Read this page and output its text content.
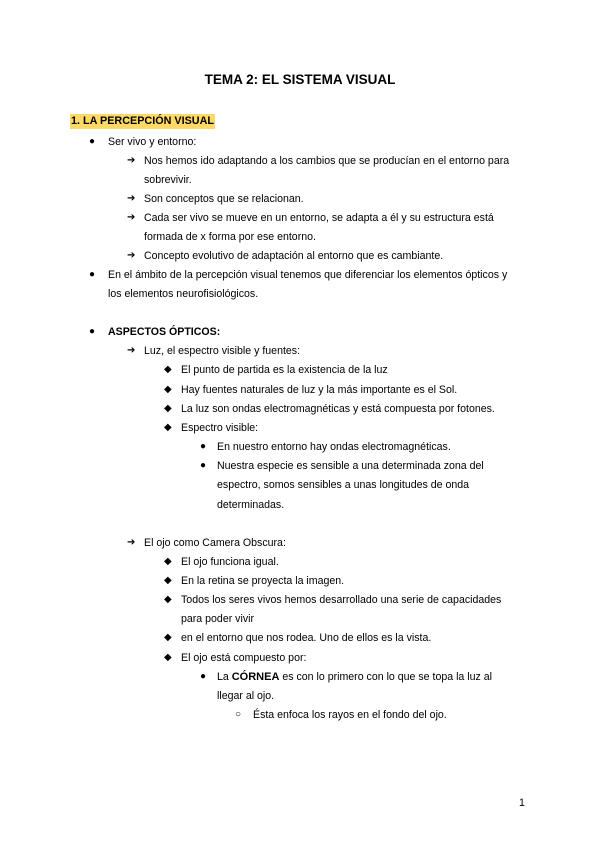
TEMA 2: EL SISTEMA VISUAL
1. LA PERCEPCIÓN VISUAL
● Ser vivo y entorno:
➔ Nos hemos ido adaptando a los cambios que se producían en el entorno para
sobrevivir.
➔ Son conceptos que se relacionan.
➔ Cada ser vivo se mueve en un entorno, se adapta a él y su estructura está
formada de x forma por ese entorno.
➔ Concepto evolutivo de adaptación al entorno que es cambiante.
● En el ámbito de la percepción visual tenemos que diferenciar los elementos ópticos y
los elementos neurofisiológicos.
● ASPECTOS ÓPTICOS:
➔ Luz, el espectro visible y fuentes:
◆ El punto de partida es la existencia de la luz
◆ Hay fuentes naturales de luz y la más importante es el Sol.
◆ La luz son ondas electromagnéticas y está compuesta por fotones.
◆ Espectro visible:
● En nuestro entorno hay ondas electromagnéticas.
● Nuestra especie es sensible a una determinada zona del
espectro, somos sensibles a unas longitudes de onda
determinadas.
➔ El ojo como Camera Obscura:
◆ El ojo funciona igual.
◆ En la retina se proyecta la imagen.
◆ Todos los seres vivos hemos desarrollado una serie de capacidades
para poder vivir
◆ en el entorno que nos rodea. Uno de ellos es la vista.
◆ El ojo está compuesto por:
● La CÓRNEA es con lo primero con lo que se topa la luz al
llegar al ojo.
○ Ésta enfoca los rayos en el fondo del ojo.
1
